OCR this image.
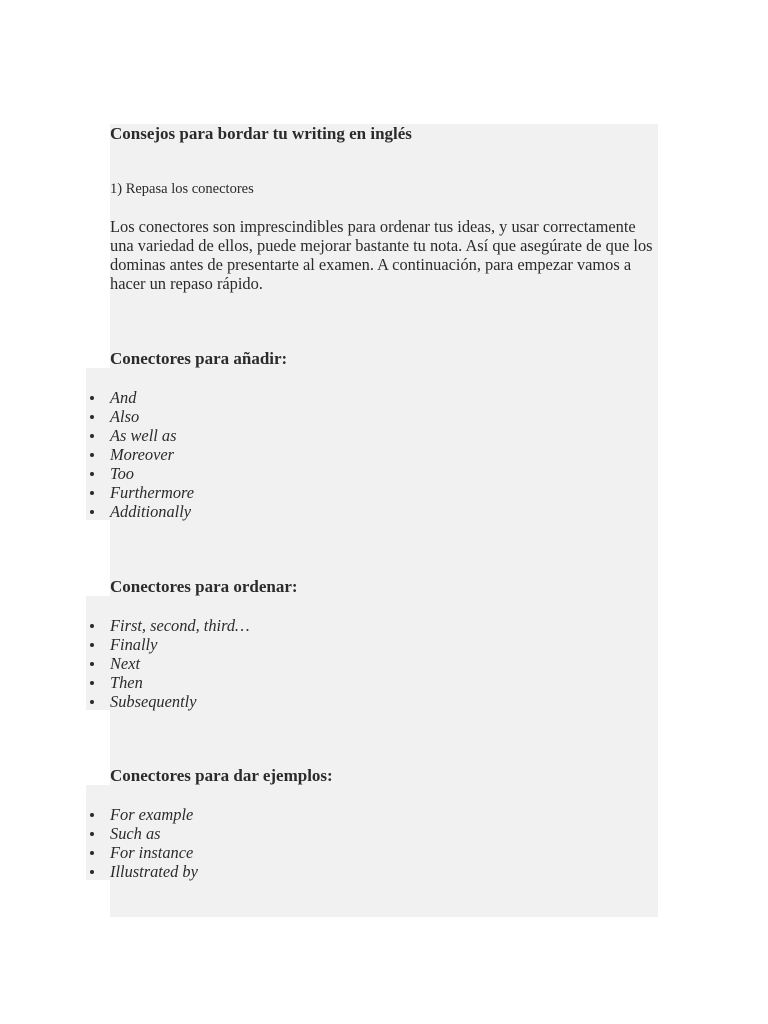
Consejos para bordar tu writing en inglés
1) Repasa los conectores

Los conectores son imprescindibles para ordenar tus ideas, y usar correctamente una variedad de ellos, puede mejorar bastante tu nota. Así que asegúrate de que los dominas antes de presentarte al examen. A continuación, para empezar vamos a hacer un repaso rápido.

Conectores para añadir:
And
Also
As well as
Moreover
Too
Furthermore
Additionally
Conectores para ordenar:
First, second, third…
Finally
Next
Then
Subsequently
Conectores para dar ejemplos:
For example
Such as
For instance
Illustrated by
